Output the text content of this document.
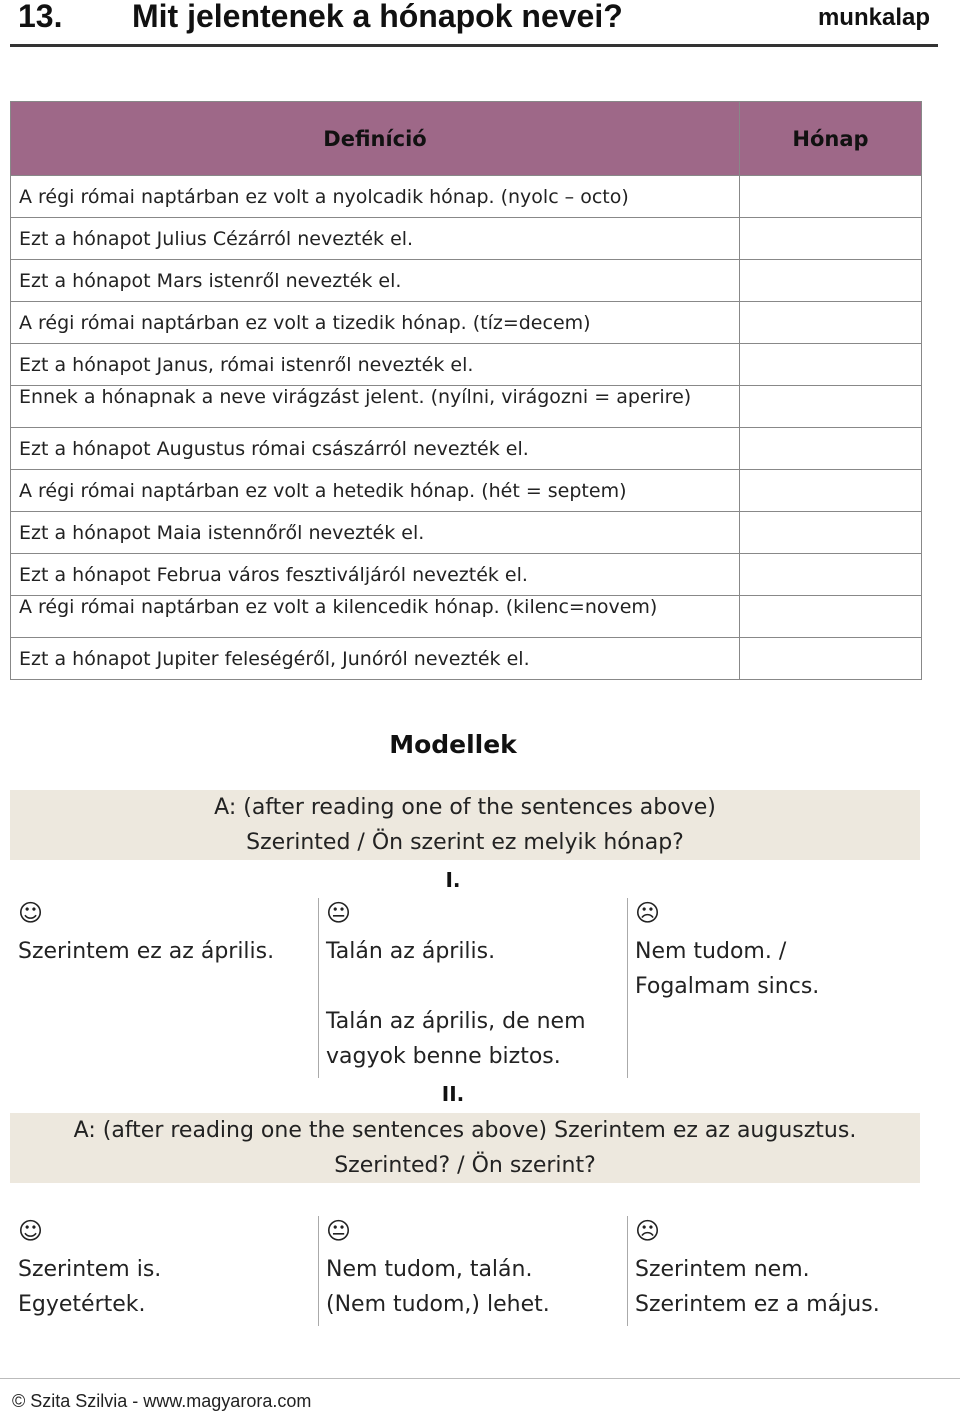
13. Mit jelentenek a hónapok nevei?	munkalap
Definíció	Hónap

A régi római naptárban ez volt a nyolcadik hónap. (nyolc – octo)	

Ezt a hónapot Julius Cézárról nevezték el.	

Ezt a hónapot Mars istenről nevezték el.	

A régi római naptárban ez volt a tizedik hónap. (tíz=decem)	

Ezt a hónapot Janus, római istenről nevezték el.	

Ennek a hónapnak a neve virágzást jelent. (nyílni, virágozni = aperire)	

Ezt a hónapot Augustus római császárról nevezték el.	

A régi római naptárban ez volt a hetedik hónap. (hét = septem)	

Ezt a hónapot Maia istennőről nevezték el.	

Ezt a hónapot Februa város fesztiváljáról nevezték el.	

A régi római naptárban ez volt a kilencedik hónap. (kilenc=novem)	

Ezt a hónapot Jupiter feleségéről, Junóról nevezték el.	

Modellek
A: (after reading one of the sentences above)
Szerinted / Ön szerint ez melyik hónap?
I.
☺
Szerintem ez az április.
😐
Talán az április.
Talán az április, de nem
vagyok benne biztos.
☹
Nem tudom. /
Fogalmam sincs.
II.
A: (after reading one the sentences above) Szerintem ez az augusztus.
Szerinted? / Ön szerint?
☺
Szerintem is.
Egyetértek.
😐
Nem tudom, talán.
(Nem tudom,) lehet.
☹
Szerintem nem.
Szerintem ez a május.
© Szita Szilvia - www.magyarora.com
